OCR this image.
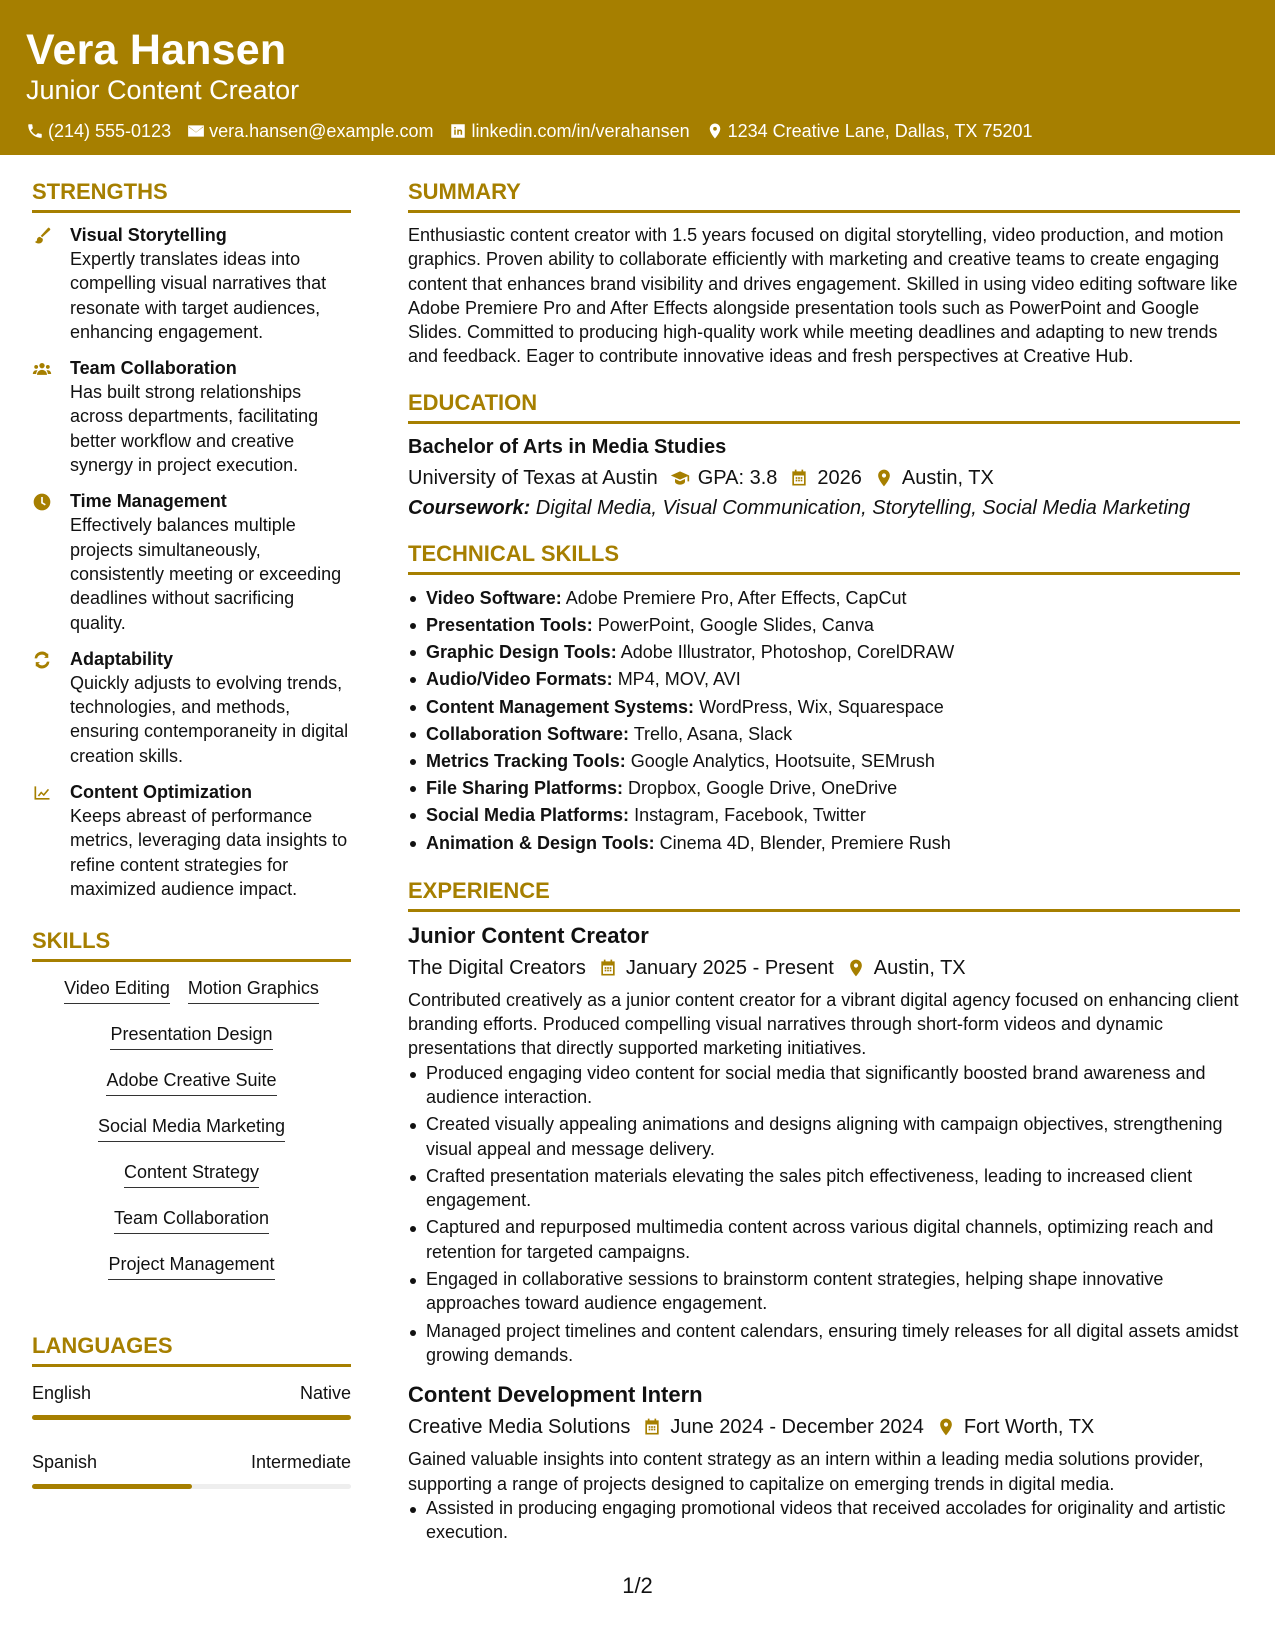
Vera Hansen
Junior Content Creator
(214) 555-0123 vera.hansen@example.com linkedin.com/in/verahansen 1234 Creative Lane, Dallas, TX 75201
STRENGTHS
Visual Storytelling
Expertly translates ideas into compelling visual narratives that resonate with target audiences, enhancing engagement.
Team Collaboration
Has built strong relationships across departments, facilitating better workflow and creative synergy in project execution.
Time Management
Effectively balances multiple projects simultaneously, consistently meeting or exceeding deadlines without sacrificing quality.
Adaptability
Quickly adjusts to evolving trends, technologies, and methods, ensuring contemporaneity in digital creation skills.
Content Optimization
Keeps abreast of performance metrics, leveraging data insights to refine content strategies for maximized audience impact.
SKILLS
Video Editing Motion Graphics
Presentation Design
Adobe Creative Suite
Social Media Marketing
Content Strategy
Team Collaboration
Project Management
LANGUAGES
English	Native
Spanish	Intermediate
SUMMARY
Enthusiastic content creator with 1.5 years focused on digital storytelling, video production, and motion graphics. Proven ability to collaborate efficiently with marketing and creative teams to create engaging content that enhances brand visibility and drives engagement. Skilled in using video editing software like Adobe Premiere Pro and After Effects alongside presentation tools such as PowerPoint and Google Slides. Committed to producing high-quality work while meeting deadlines and adapting to new trends and feedback. Eager to contribute innovative ideas and fresh perspectives at Creative Hub.
EDUCATION
Bachelor of Arts in Media Studies
University of Texas at Austin GPA: 3.8 2026 Austin, TX
Coursework: Digital Media, Visual Communication, Storytelling, Social Media Marketing
TECHNICAL SKILLS
Video Software: Adobe Premiere Pro, After Effects, CapCut
Presentation Tools: PowerPoint, Google Slides, Canva
Graphic Design Tools: Adobe Illustrator, Photoshop, CorelDRAW
Audio/Video Formats: MP4, MOV, AVI
Content Management Systems: WordPress, Wix, Squarespace
Collaboration Software: Trello, Asana, Slack
Metrics Tracking Tools: Google Analytics, Hootsuite, SEMrush
File Sharing Platforms: Dropbox, Google Drive, OneDrive
Social Media Platforms: Instagram, Facebook, Twitter
Animation & Design Tools: Cinema 4D, Blender, Premiere Rush
EXPERIENCE
Junior Content Creator
The Digital Creators January 2025 - Present Austin, TX
Contributed creatively as a junior content creator for a vibrant digital agency focused on enhancing client branding efforts. Produced compelling visual narratives through short-form videos and dynamic presentations that directly supported marketing initiatives.
Produced engaging video content for social media that significantly boosted brand awareness and audience interaction.
Created visually appealing animations and designs aligning with campaign objectives, strengthening visual appeal and message delivery.
Crafted presentation materials elevating the sales pitch effectiveness, leading to increased client engagement.
Captured and repurposed multimedia content across various digital channels, optimizing reach and retention for targeted campaigns.
Engaged in collaborative sessions to brainstorm content strategies, helping shape innovative approaches toward audience engagement.
Managed project timelines and content calendars, ensuring timely releases for all digital assets amidst growing demands.
Content Development Intern
Creative Media Solutions June 2024 - December 2024 Fort Worth, TX
Gained valuable insights into content strategy as an intern within a leading media solutions provider, supporting a range of projects designed to capitalize on emerging trends in digital media.
Assisted in producing engaging promotional videos that received accolades for originality and artistic execution.
1/2
